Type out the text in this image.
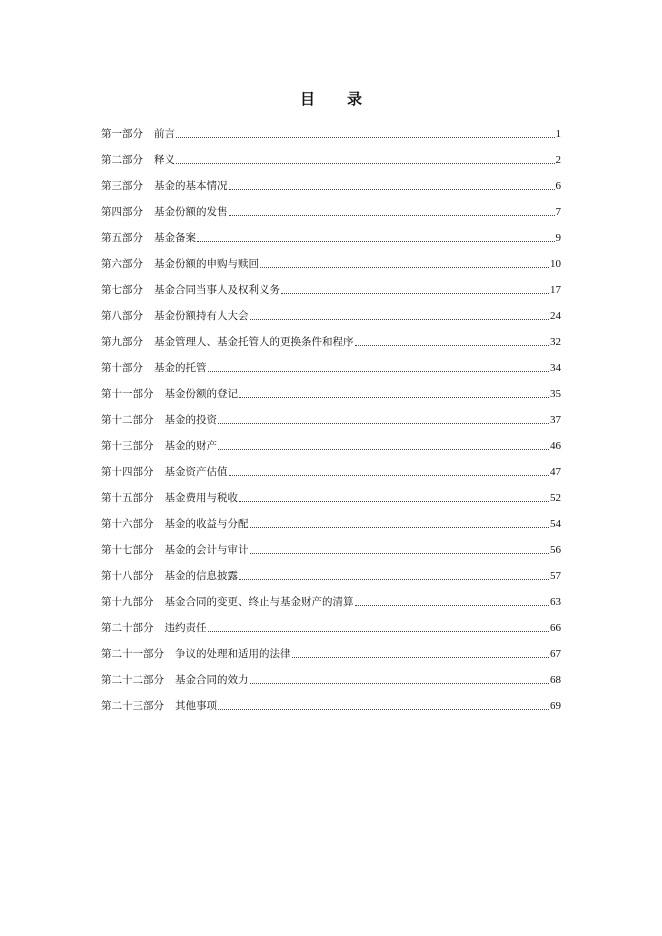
目 录
第一部分 前言	1
第二部分 释义	2
第三部分 基金的基本情况	6
第四部分 基金份额的发售	7
第五部分 基金备案	9
第六部分 基金份额的申购与赎回	10
第七部分 基金合同当事人及权利义务	17
第八部分 基金份额持有人大会	24
第九部分 基金管理人、基金托管人的更换条件和程序	32
第十部分 基金的托管	34
第十一部分 基金份额的登记	35
第十二部分 基金的投资	37
第十三部分 基金的财产	46
第十四部分 基金资产估值	47
第十五部分 基金费用与税收	52
第十六部分 基金的收益与分配	54
第十七部分 基金的会计与审计	56
第十八部分 基金的信息披露	57
第十九部分 基金合同的变更、终止与基金财产的清算	63
第二十部分 违约责任	66
第二十一部分 争议的处理和适用的法律	67
第二十二部分 基金合同的效力	68
第二十三部分 其他事项	69
